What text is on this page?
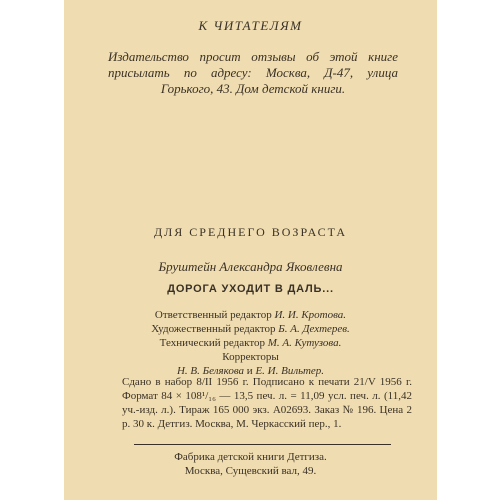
К ЧИТАТЕЛЯМ
Издательство просит отзывы об этой книге присылать по адресу: Москва, Д-47, улица Горького, 43. Дом детской книги.
ДЛЯ СРЕДНЕГО ВОЗРАСТА
Бруштейн Александра Яковлевна
ДОРОГА УХОДИТ В ДАЛЬ...
Ответственный редактор И. И. Кротова.
Художественный редактор Б. А. Дехтерев.
Технический редактор М. А. Кутузова.
Корректоры
Н. В. Белякова и Е. И. Вильтер.
Сдано в набор 8/II 1956 г. Подписано к печати 21/V 1956 г. Формат 84 × 108¹/₁₆ — 13,5 печ. л. = 11,09 усл. печ. л. (11,42 уч.-изд. л.). Тираж 165 000 экз. А02693. Заказ № 196. Цена 2 р. 30 к. Детгиз. Москва, М. Черкасский пер., 1.
Фабрика детской книги Детгиза.
Москва, Сущевский вал, 49.
